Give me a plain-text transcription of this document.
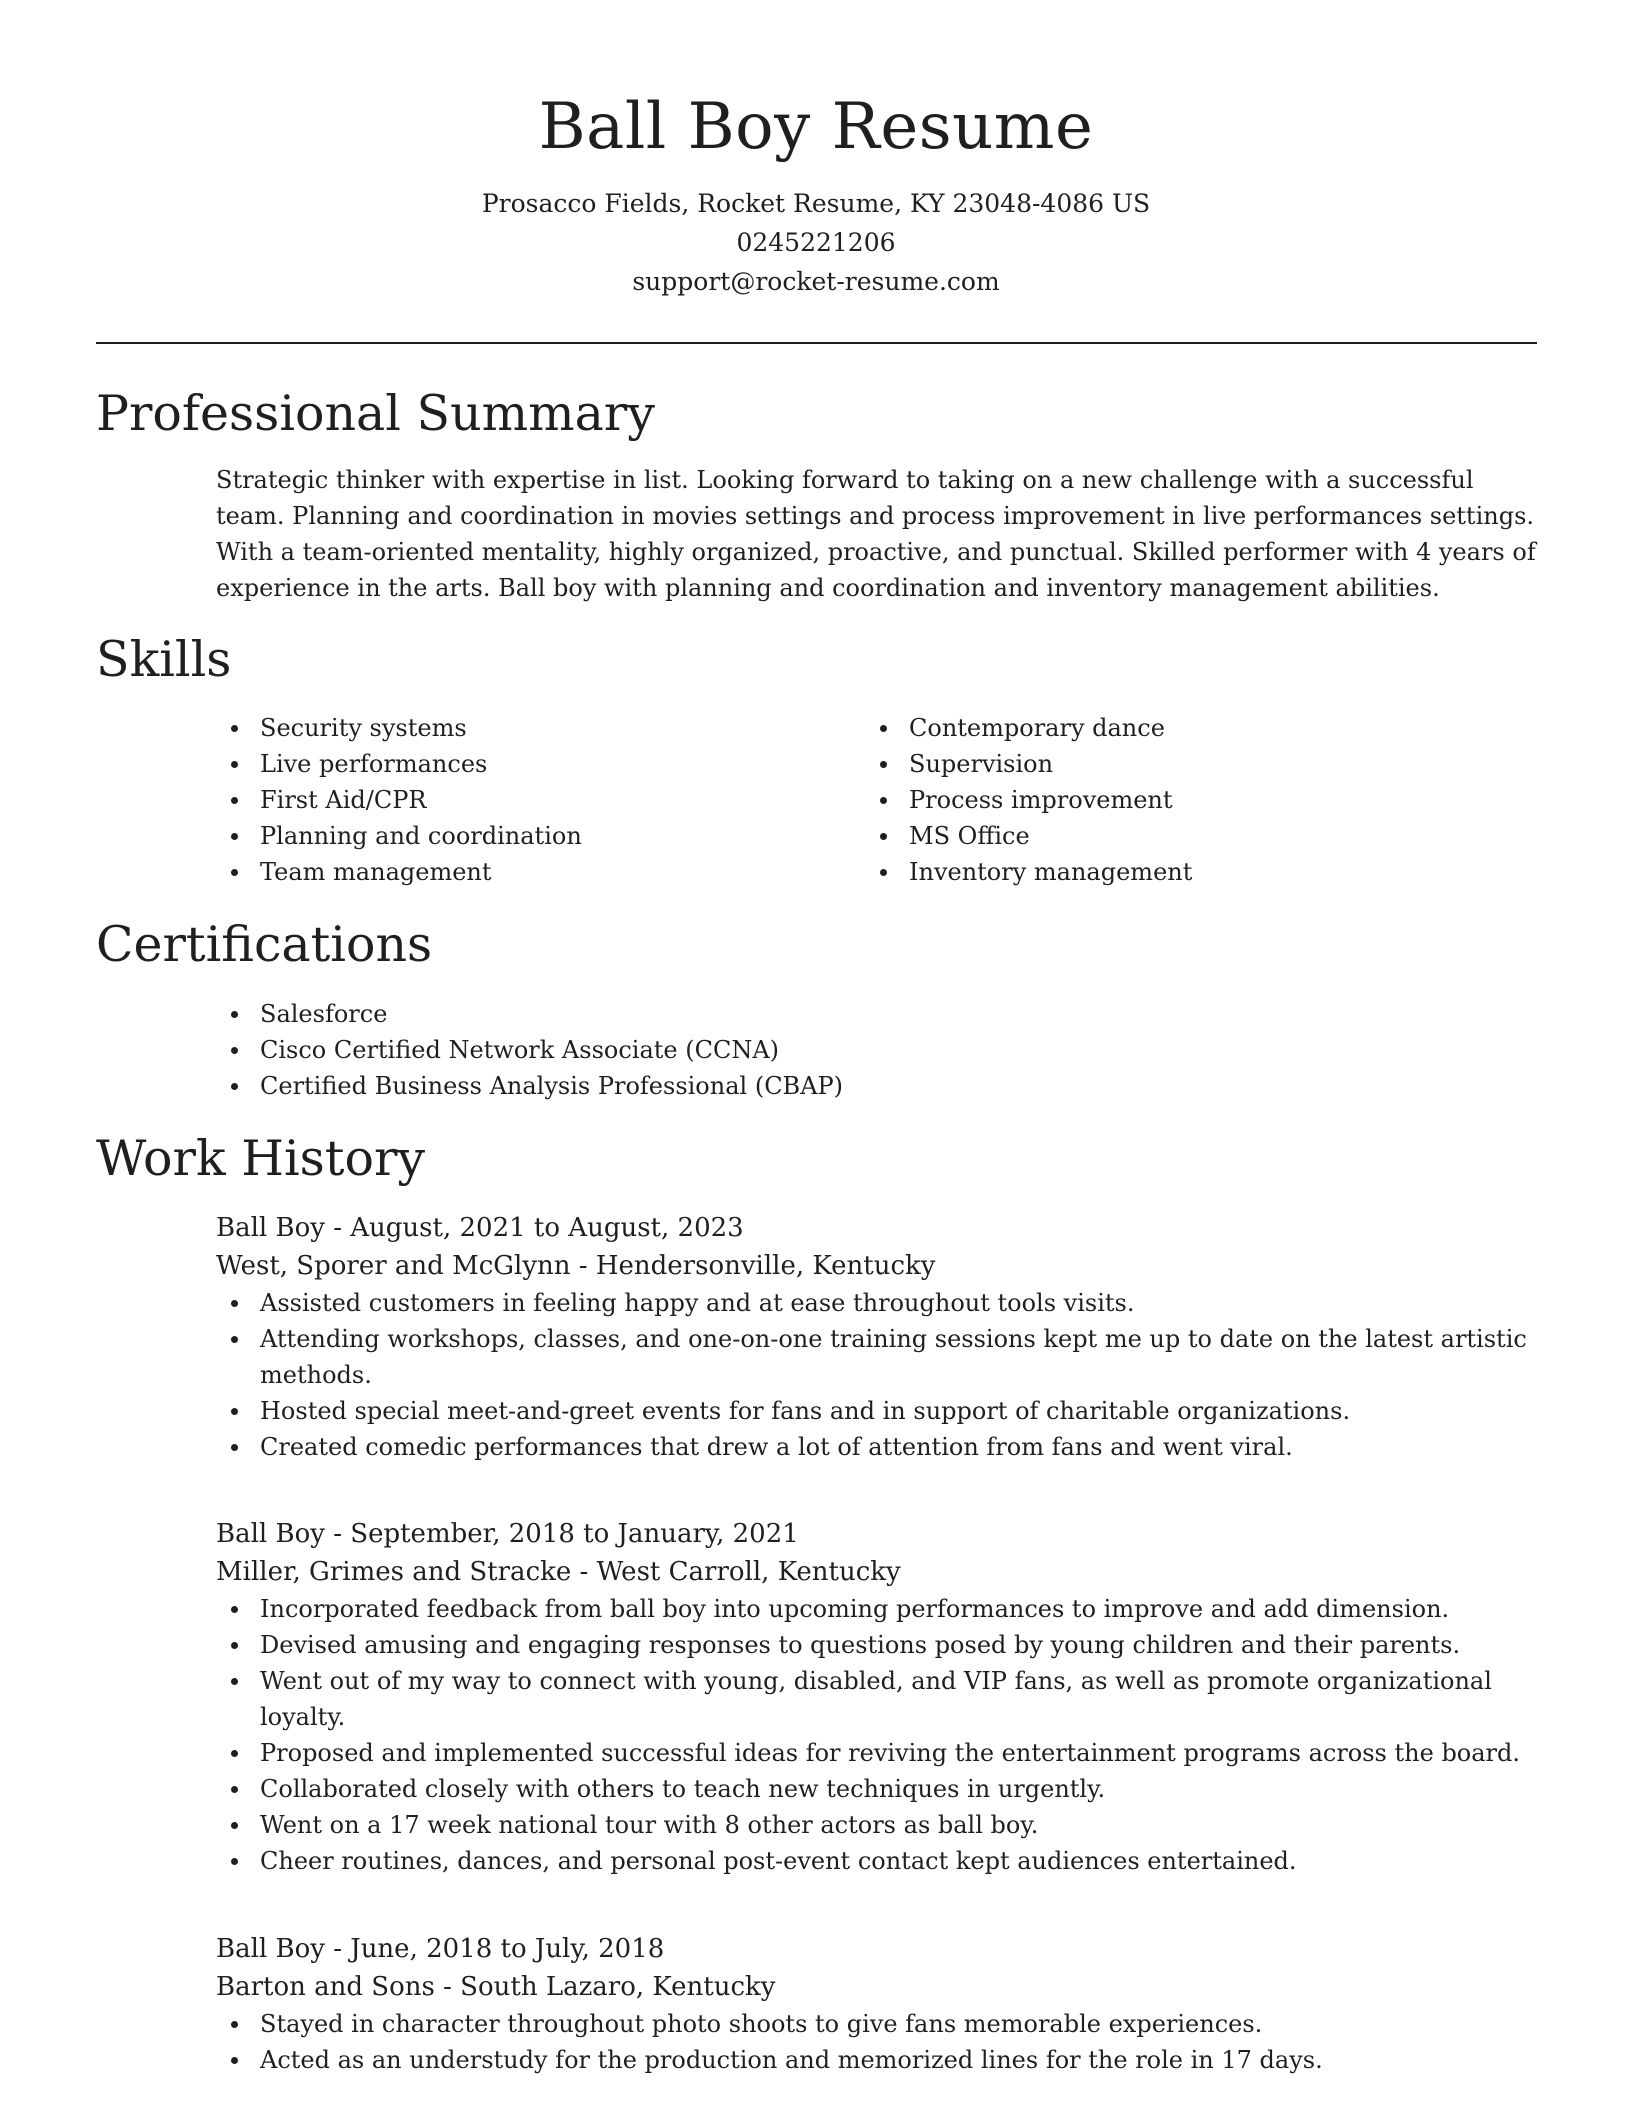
Ball Boy Resume

Prosacco Fields, Rocket Resume, KY 23048-4086 US

0245221206

support@rocket-resume.com

Professional Summary

Strategic thinker with expertise in list. Looking forward to taking on a new challenge with a successful team. Planning and coordination in movies settings and process improvement in live performances settings. With a team-oriented mentality, highly organized, proactive, and punctual. Skilled performer with 4 years of experience in the arts. Ball boy with planning and coordination and inventory management abilities.

Skills
Security systems
Live performances
First Aid/CPR
Planning and coordination
Team management
Contemporary dance
Supervision
Process improvement
MS Office
Inventory management
Certifications
Salesforce
Cisco Certified Network Associate (CCNA)
Certified Business Analysis Professional (CBAP)
Work History

Ball Boy - August, 2021 to August, 2023

West, Sporer and McGlynn - Hendersonville, Kentucky

Assisted customers in feeling happy and at ease throughout tools visits.
Attending workshops, classes, and one-on-one training sessions kept me up to date on the latest artistic methods.
Hosted special meet-and-greet events for fans and in support of charitable organizations.
Created comedic performances that drew a lot of attention from fans and went viral.

Ball Boy - September, 2018 to January, 2021

Miller, Grimes and Stracke - West Carroll, Kentucky

Incorporated feedback from ball boy into upcoming performances to improve and add dimension.
Devised amusing and engaging responses to questions posed by young children and their parents.
Went out of my way to connect with young, disabled, and VIP fans, as well as promote organizational loyalty.
Proposed and implemented successful ideas for reviving the entertainment programs across the board.
Collaborated closely with others to teach new techniques in urgently.
Went on a 17 week national tour with 8 other actors as ball boy.
Cheer routines, dances, and personal post-event contact kept audiences entertained.

Ball Boy - June, 2018 to July, 2018

Barton and Sons - South Lazaro, Kentucky

Stayed in character throughout photo shoots to give fans memorable experiences.
Acted as an understudy for the production and memorized lines for the role in 17 days.
